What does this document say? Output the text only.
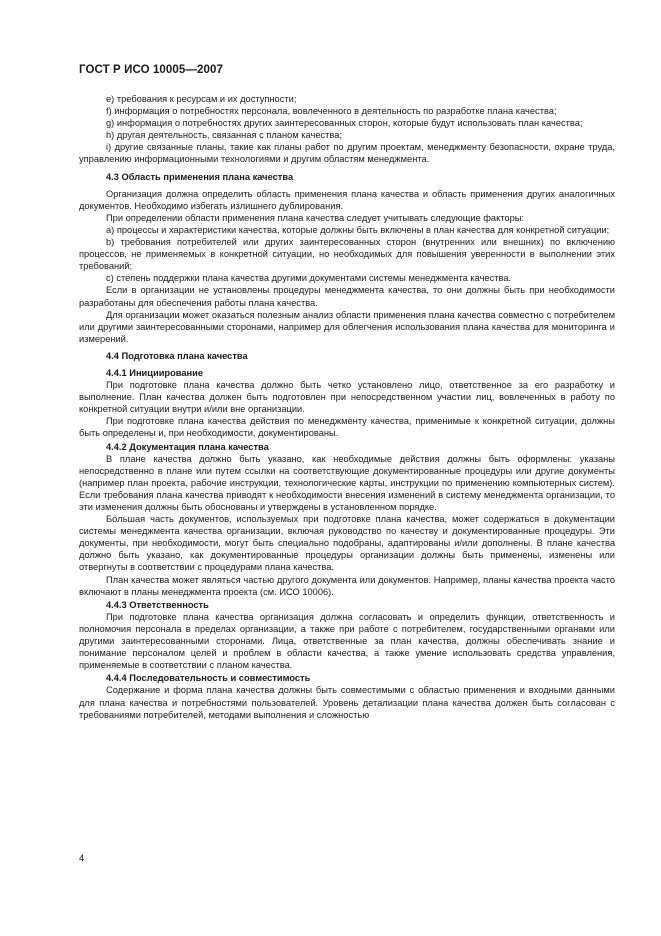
ГОСТ Р ИСО 10005—2007

e) требования к ресурсам и их доступности;

f) информация о потребностях персонала, вовлеченного в деятельность по разработке плана качества;

g) информация о потребностях других заинтересованных сторон, которые будут использовать план качества;

h) другая деятельность, связанная с планом качества;

i) другие связанные планы, такие как планы работ по другим проектам, менеджменту безопасности, охране труда, управлению информационными технологиями и другим областям менеджмента.

4.3 Область применения плана качества

Организация должна определить область применения плана качества и область применения других аналогичных документов. Необходимо избегать излишнего дублирования.

При определении области применения плана качества следует учитывать следующие факторы:

a) процессы и характеристики качества, которые должны быть включены в план качества для конкретной ситуации;

b) требования потребителей или других заинтересованных сторон (внутренних или внешних) по включению процессов, не применяемых в конкретной ситуации, но необходимых для повышения уверенности в выполнении этих требований;

c) степень поддержки плана качества другими документами системы менеджмента качества.

Если в организации не установлены процедуры менеджмента качества, то они должны быть при необходимости разработаны для обеспечения работы плана качества.

Для организации может оказаться полезным анализ области применения плана качества совместно с потребителем или другими заинтересованными сторонами, например для облегчения использования плана качества для мониторинга и измерений.

4.4 Подготовка плана качества
4.4.1 Инициирование

При подготовке плана качества должно быть четко установлено лицо, ответственное за его разработку и выполнение. План качества должен быть подготовлен при непосредственном участии лиц, вовлеченных в работу по конкретной ситуации внутри и/или вне организации.

При подготовке плана качества действия по менеджменту качества, применимые к конкретной ситуации, должны быть определены и, при необходимости, документированы.

4.4.2 Документация плана качества

В плане качества должно быть указано, как необходимые действия должны быть оформлены: указаны непосредственно в плане или путем ссылки на соответствующие документированные процедуры или другие документы (например план проекта, рабочие инструкции, технологические карты, инструкции по применению компьютерных систем). Если требования плана качества приводят к необходимости внесения изменений в систему менеджмента организации, то эти изменения должны быть обоснованы и утверждены в установленном порядке.

Бóльшая часть документов, используемых при подготовке плана качества, может содержаться в документации системы менеджмента качества организации, включая руководство по качеству и документированные процедуры. Эти документы, при необходимости, могут быть специально подобраны, адаптированы и/или дополнены. В плане качества должно быть указано, как документированные процедуры организации должны быть применены, изменены или отвергнуты в соответствии с процедурами плана качества.

План качества может являться частью другого документа или документов. Например, планы качества проекта часто включают в планы менеджмента проекта (см. ИСО 10006).

4.4.3 Ответственность

При подготовке плана качества организация должна согласовать и определить функции, ответственность и полномочия персонала в пределах организации, а также при работе с потребителем, государственными органами или другими заинтересованными сторонами. Лица, ответственные за план качества, должны обеспечивать знание и понимание персоналом целей и проблем в области качества, а также умение использовать средства управления, применяемые в соответствии с планом качества.

4.4.4 Последовательность и совместимость

Содержание и форма плана качества должны быть совместимыми с областью применения и входными данными для плана качества и потребностями пользователей. Уровень детализации плана качества должен быть согласован с требованиями потребителей, методами выполнения и сложностью

4
